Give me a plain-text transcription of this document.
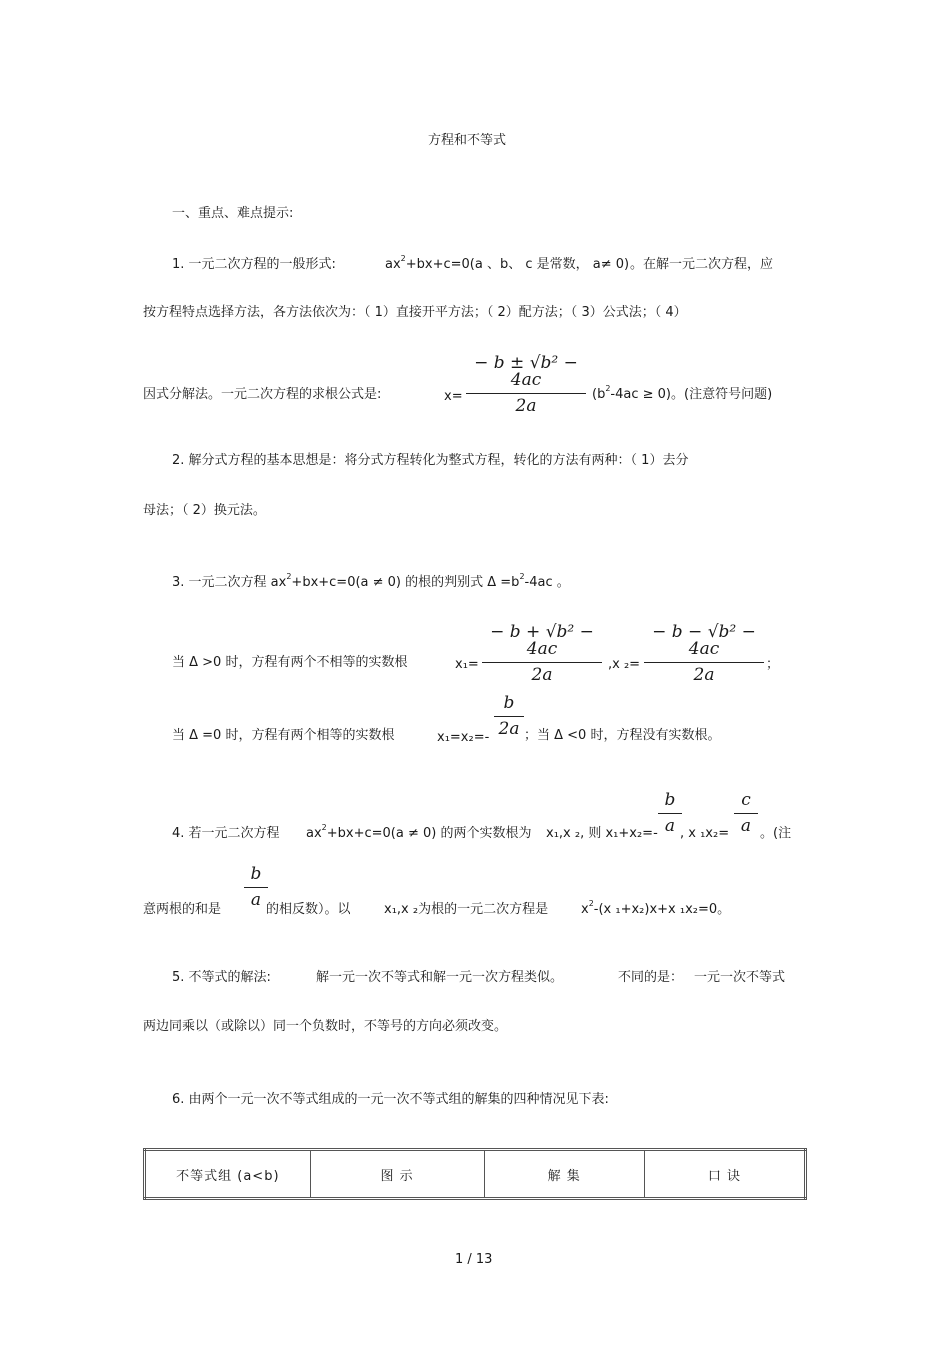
方程和不等式
一、重点、难点提示:
1. 一元二次方程的一般形式:	$ax^2+bx+c=0(a$ 、b、 c 是常数， a≠ 0) 。在解一元二次方程，应
按方程特点选择方法，各方法依次为：（ 1）直接开平方法；（ 2）配方法；（ 3）公式法；（ 4）
因式分解法。一元二次方程的求根公式是:	x=
− b ± √b² − 4ac
2a
$(b^2-4ac \ge 0)$。(注意符号问题)
2. 解分式方程的基本思想是：将分式方程转化为整式方程，转化的方法有两种：（ 1）去分
母法；（ 2）换元法。
3. 一元二次方程 $ax^2+bx+c=0(a \ne 0)$ 的根的判别式 $\Delta =b^2-4ac$ 。
当 Δ >0 时，方程有两个不相等的实数根	x₁=
− b + √b² − 4ac
2a
,x ₂=
− b − √b² − 4ac
2a
；
当 Δ =0 时，方程有两个相等的实数根	x₁=x₂=-
b
2a ；当 Δ <0 时，方程没有实数根。
4. 若一元二次方程 $ax^2+bx+c=0(a \ne 0)$ 的两个实数根为 x₁,x ₂, 则 x₁+x₂=-
b
a , x ₁x₂=
c
a 。(注
意两根的和是
b
a 的相反数）。以	x₁,x ₂为根的一元二次方程是	$x^2-(x$ ₁+x₂)x+x ₁x₂=0。
5. 不等式的解法:	解一元一次不等式和解一元一次方程类似。	不同的是： 一元一次不等式
两边同乘以（或除以）同一个负数时，不等号的方向必须改变。
6. 由两个一元一次不等式组成的一元一次不等式组的解集的四种情况见下表:
不等式组 (a<b)	图 示	解 集	口 诀
1 / 13
